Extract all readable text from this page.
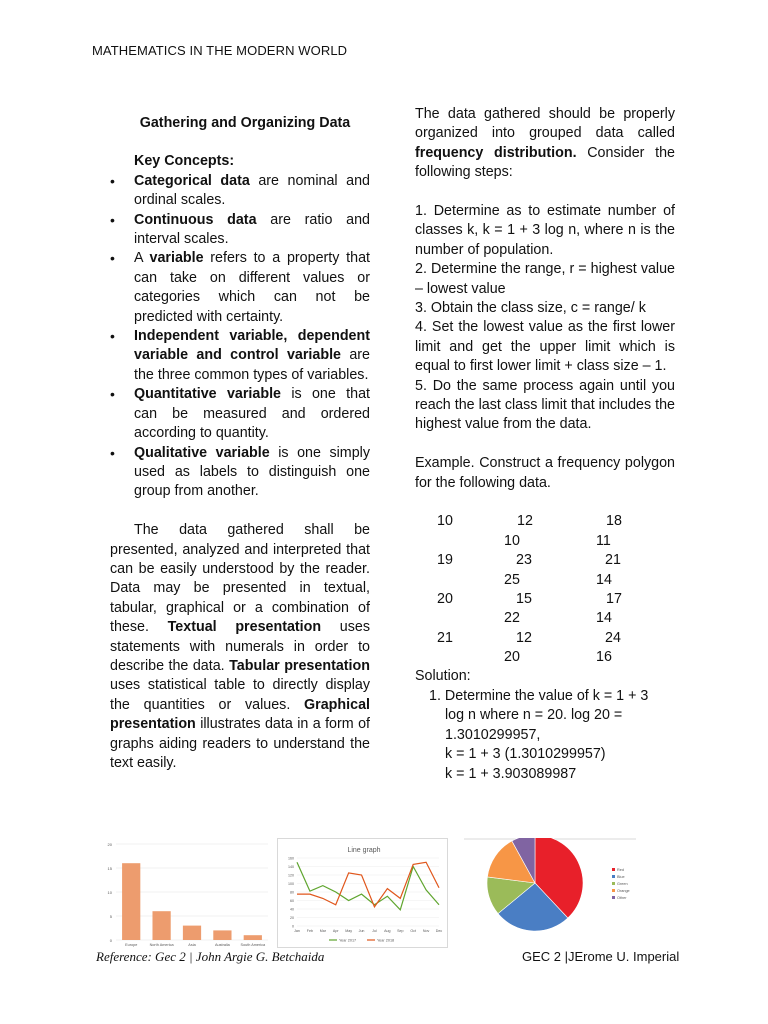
MATHEMATICS IN THE MODERN WORLD
Gathering and Organizing Data
Key Concepts:
• Categorical data are nominal and ordinal scales.
• Continuous data are ratio and interval scales.
• A variable refers to a property that can take on different values or categories which can not be predicted with certainty.
• Independent variable, dependent variable and control variable are the three common types of variables.
• Quantitative variable is one that can be measured and ordered according to quantity.
• Qualitative variable is one simply used as labels to distinguish one group from another.

The data gathered shall be presented, analyzed and interpreted that can be easily understood by the reader. Data may be presented in textual, tabular, graphical or a combination of these. Textual presentation uses statements with numerals in order to describe the data. Tabular presentation uses statistical table to directly display the quantities or values. Graphical presentation illustrates data in a form of graphs aiding readers to understand the text easily.

The data gathered should be properly organized into grouped data called frequency distribution. Consider the following steps:

1. Determine as to estimate number of classes k, k = 1 + 3 log n, where n is the number of population.

2. Determine the range, r = highest value – lowest value

3. Obtain the class size, c = range/ k

4. Set the lowest value as the first lower limit and get the upper limit which is equal to first lower limit + class size – 1.

5. Do the same process again until you reach the last class limit that includes the highest value from the data.

Example. Construct a frequency polygon for the following data.

10	12	18
10	11
19	23	21
25	14
20	15	17
22	14
21	12	24
20	16
Solution:
1. Determine the value of k = 1 + 3
log n where n = 20. log 20 =
1.3010299957,
k = 1 + 3 (1.3010299957)
k = 1 + 3.903089987
0
5
10
15
20
Europe	North America	Asia	Australia	South America
Line graph
0
20
40
60
80
100
120
140
160
Jan Feb Mar Apr May Jun Jul Aug Sep Oct Nov Dec
Year 2017	Year 2018
Red
Blue
Green
Orange
Other
Reference: Gec 2 | John Argie G. Betchaida	GEC 2 |JErome U. Imperial
